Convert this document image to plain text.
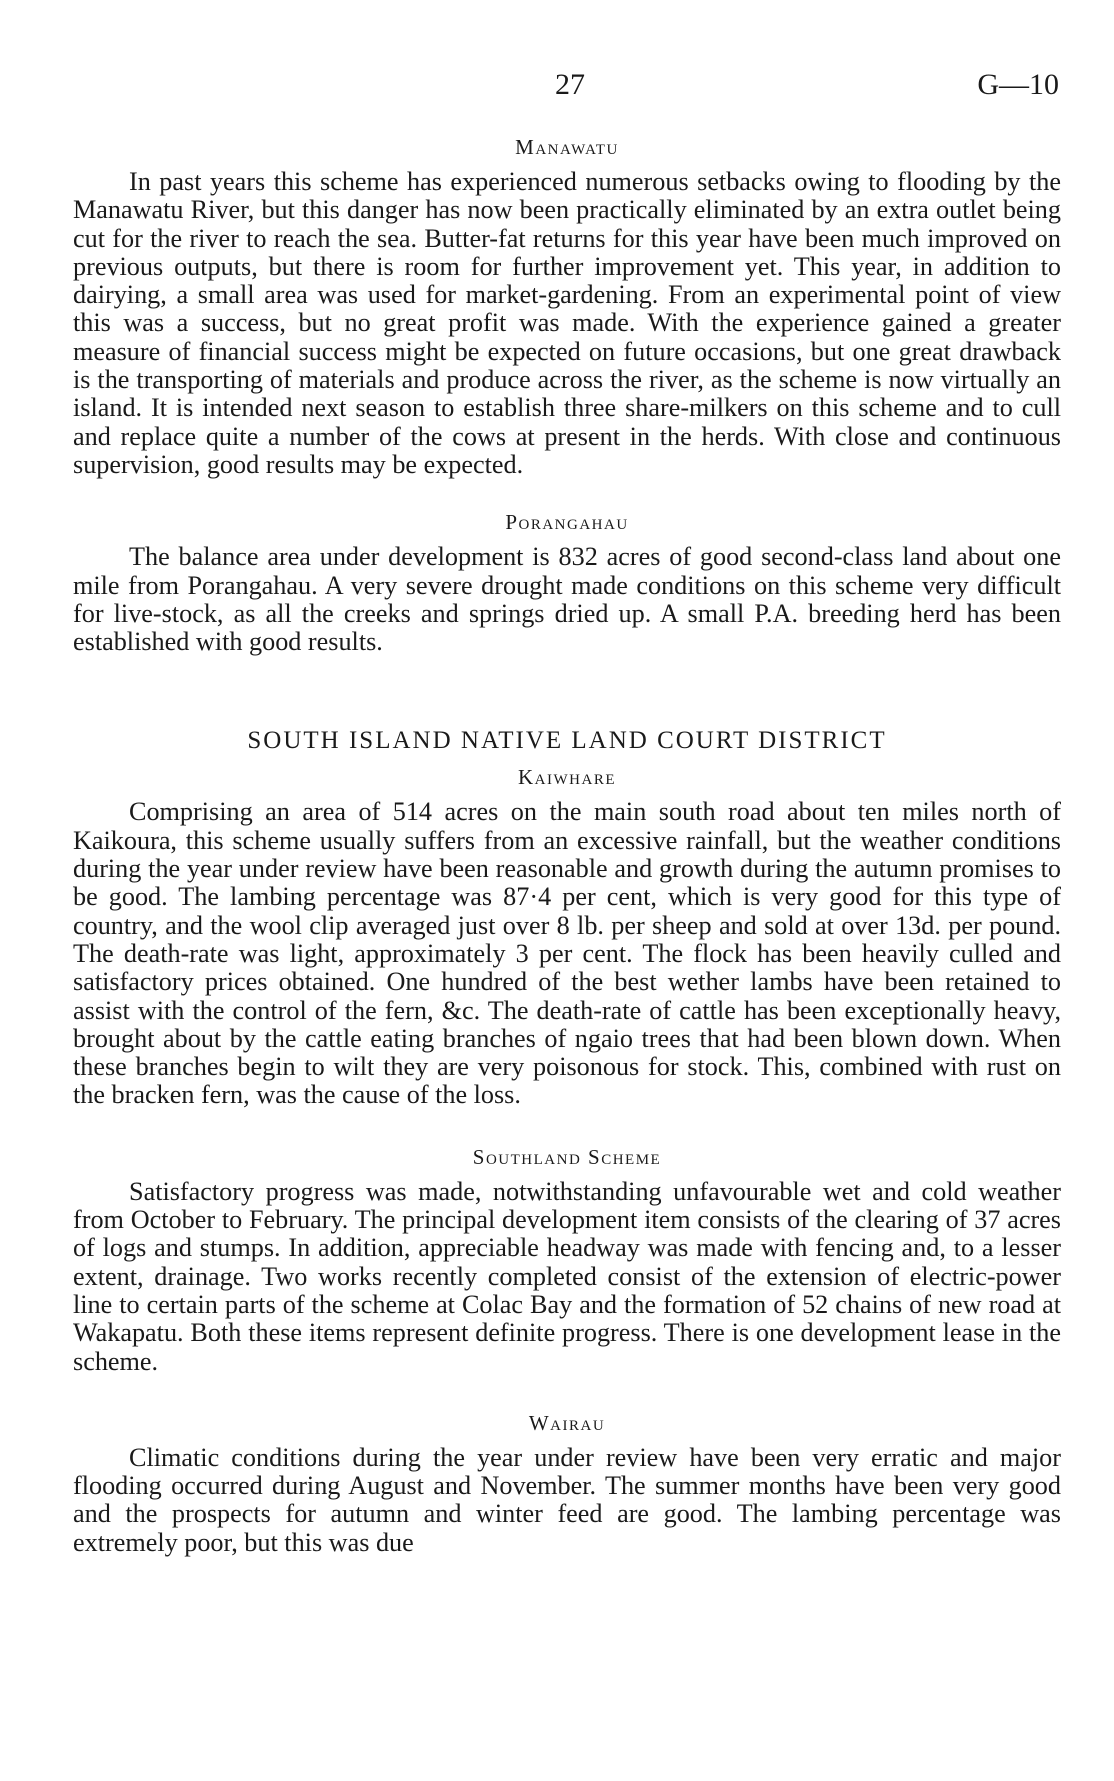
27	G—10
Manawatu

In past years this scheme has experienced numerous setbacks owing to flooding by the Manawatu River, but this danger has now been practically eliminated by an extra outlet being cut for the river to reach the sea. Butter-fat returns for this year have been much improved on previous outputs, but there is room for further improvement yet. This year, in addition to dairying, a small area was used for market-gardening. From an experimental point of view this was a success, but no great profit was made. With the experience gained a greater measure of financial success might be expected on future occasions, but one great drawback is the transporting of materials and produce across the river, as the scheme is now virtually an island. It is intended next season to establish three share-milkers on this scheme and to cull and replace quite a number of the cows at present in the herds. With close and continuous supervision, good results may be expected.

Porangahau

The balance area under development is 832 acres of good second-class land about one mile from Porangahau. A very severe drought made conditions on this scheme very difficult for live-stock, as all the creeks and springs dried up. A small P.A. breeding herd has been established with good results.

SOUTH ISLAND NATIVE LAND COURT DISTRICT
Kaiwhare

Comprising an area of 514 acres on the main south road about ten miles north of Kaikoura, this scheme usually suffers from an excessive rainfall, but the weather conditions during the year under review have been reasonable and growth during the autumn promises to be good. The lambing percentage was 87·4 per cent, which is very good for this type of country, and the wool clip averaged just over 8 lb. per sheep and sold at over 13d. per pound. The death-rate was light, approximately 3 per cent. The flock has been heavily culled and satisfactory prices obtained. One hundred of the best wether lambs have been retained to assist with the control of the fern, &c. The death-rate of cattle has been exceptionally heavy, brought about by the cattle eating branches of ngaio trees that had been blown down. When these branches begin to wilt they are very poisonous for stock. This, combined with rust on the bracken fern, was the cause of the loss.

Southland Scheme

Satisfactory progress was made, notwithstanding unfavourable wet and cold weather from October to February. The principal development item consists of the clearing of 37 acres of logs and stumps. In addition, appreciable headway was made with fencing and, to a lesser extent, drainage. Two works recently completed consist of the extension of electric-power line to certain parts of the scheme at Colac Bay and the formation of 52 chains of new road at Wakapatu. Both these items represent definite progress. There is one development lease in the scheme.

Wairau

Climatic conditions during the year under review have been very erratic and major flooding occurred during August and November. The summer months have been very good and the prospects for autumn and winter feed are good. The lambing percentage was extremely poor, but this was due
